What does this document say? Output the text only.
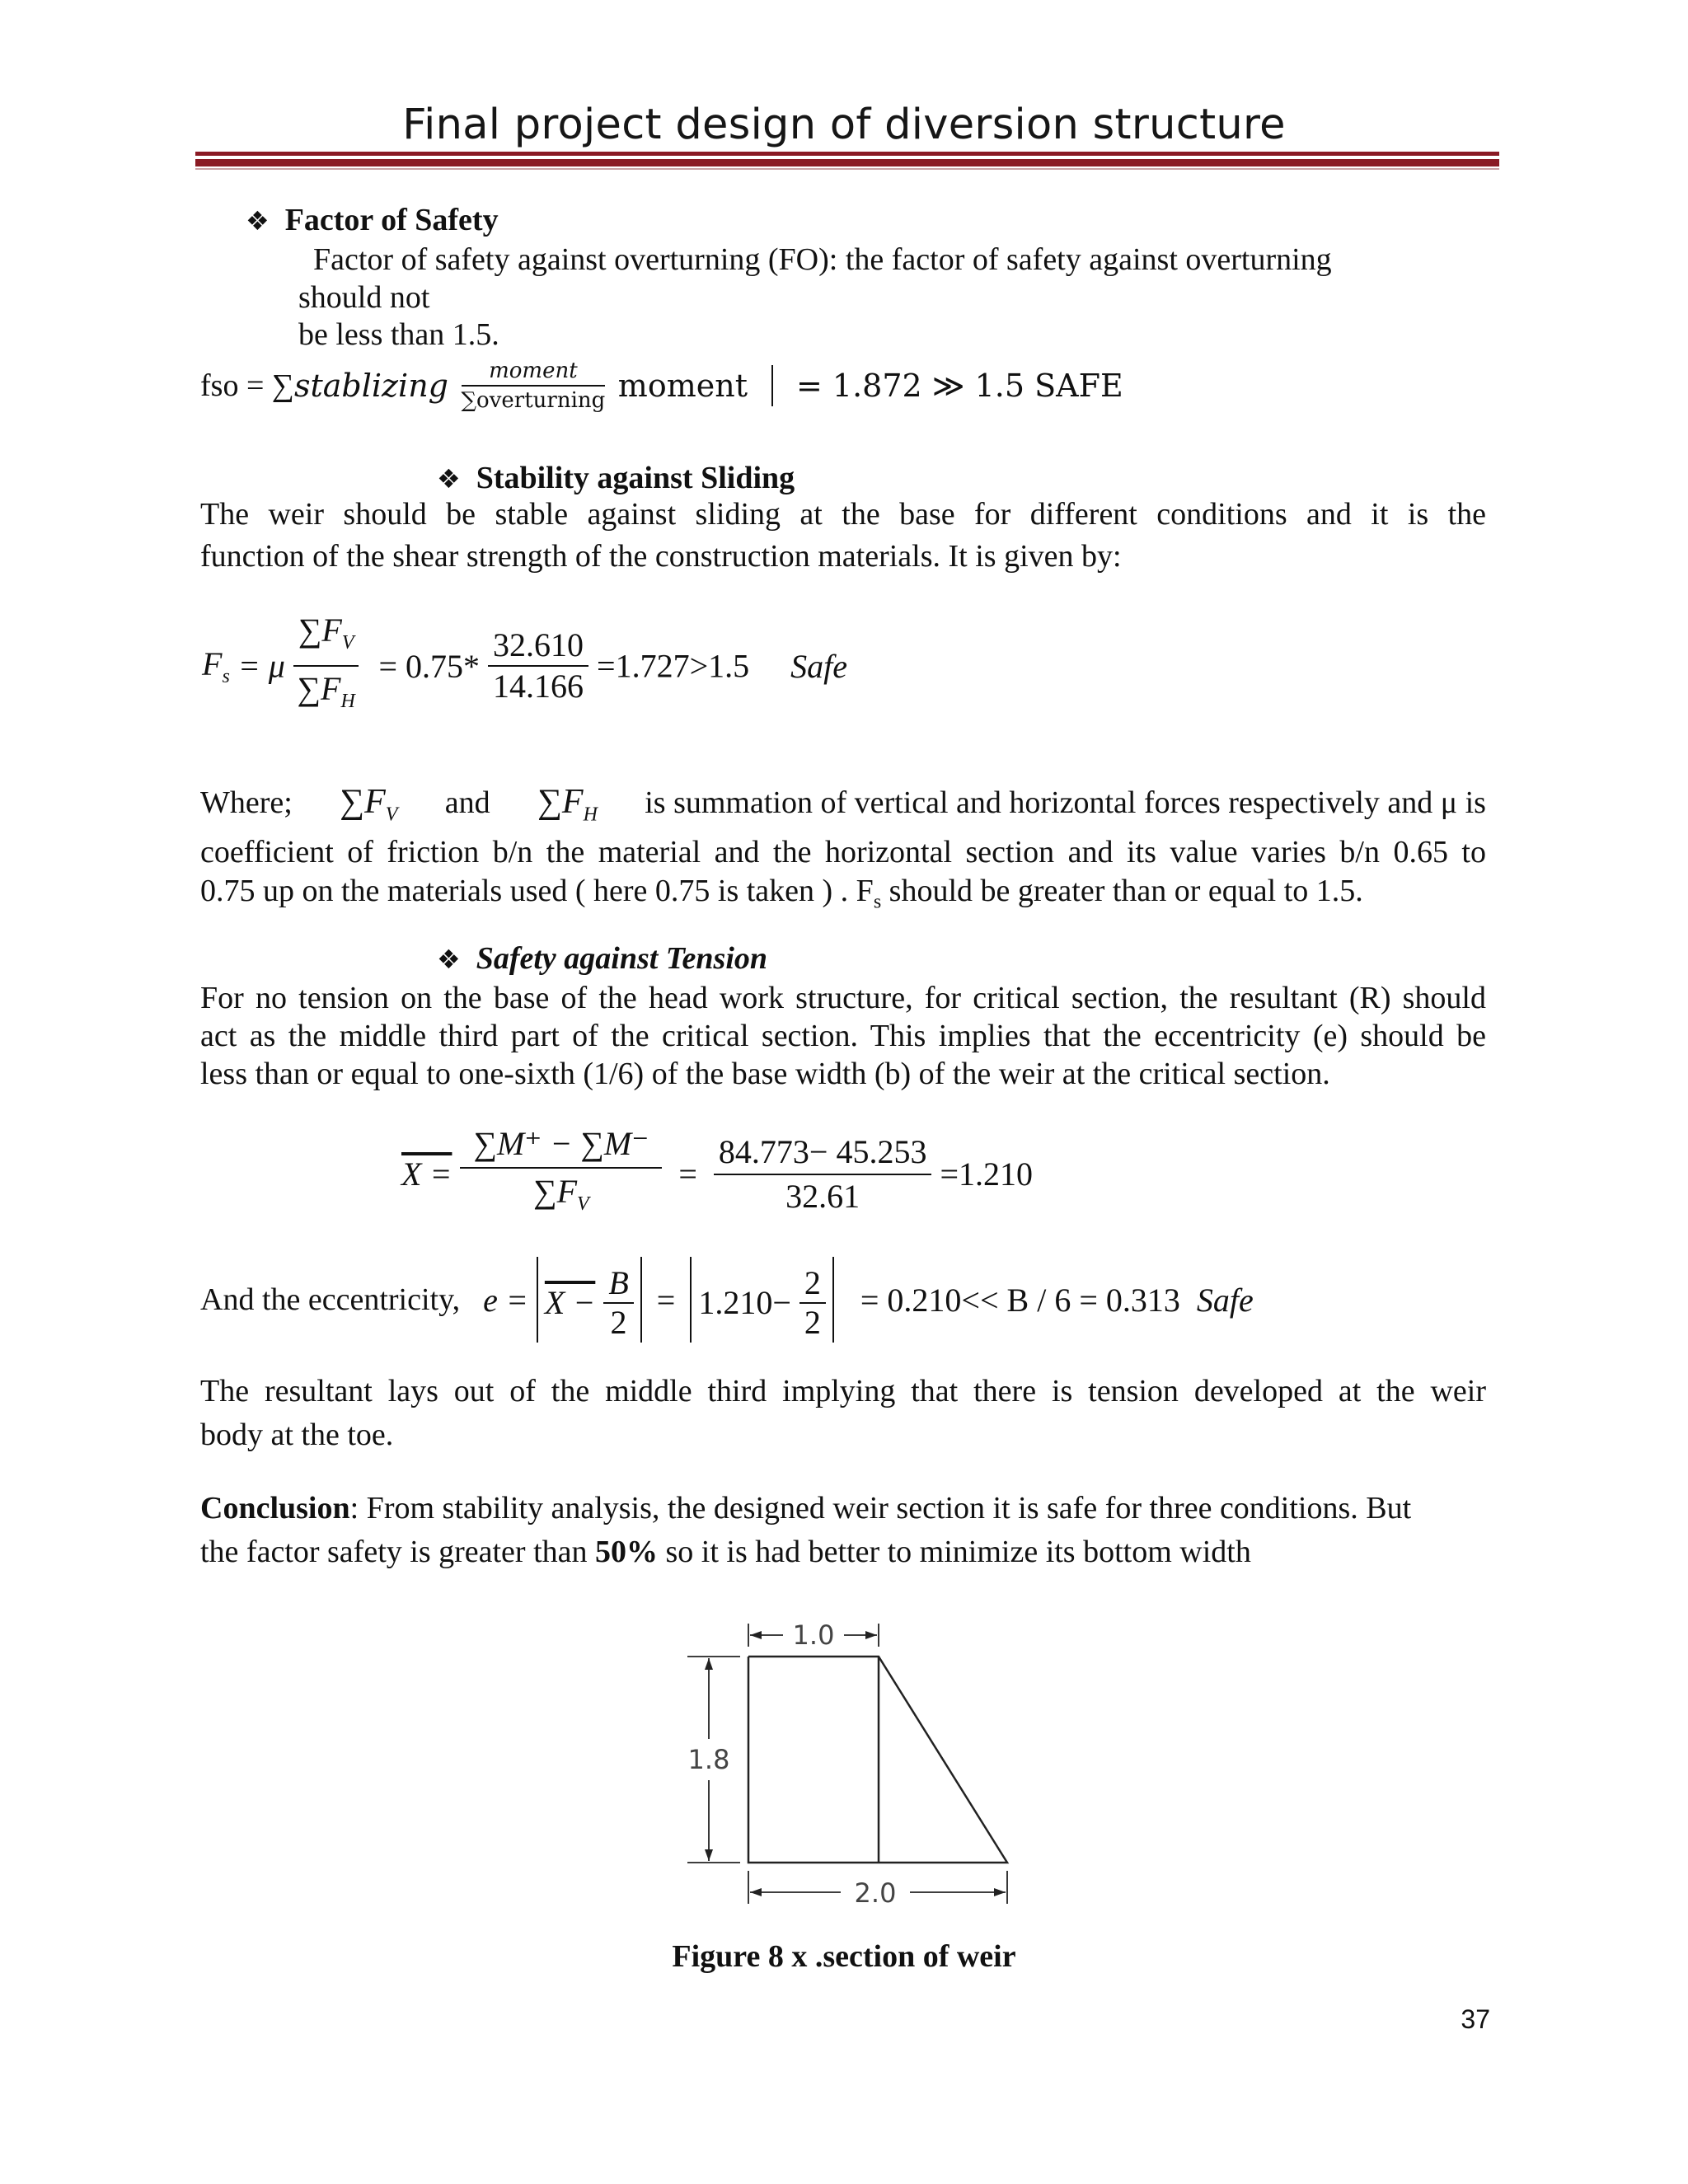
Final project design of diversion structure
❖ Factor of Safety
Factor of safety against overturning (FO): the factor of safety against overturning
should not
be less than 1.5.
fso = ∑stablizing $\frac{\text{moment}}{\text{∑overturning}}$ moment = 1.872 ≫ 1.5 SAFE
❖ Stability against Sliding
The weir should be stable against sliding at the base for different conditions and it is the
function of the shear strength of the construction materials. It is given by:
$F_s = \mu \frac{\sum F_V}{\sum F_H} = 0.75* \frac{32.610}{14.166} =1.727>1.5$ Safe
Where; $\sum F_V$ and $\sum F_H$ is summation of vertical and horizontal forces respectively and μ is
coefficient of friction b/n the material and the horizontal section and its value varies b/n 0.65 to
0.75 up on the materials used ( here 0.75 is taken ) . $F_s$ should be greater than or equal to 1.5.
❖ Safety against Tension
For no tension on the base of the head work structure, for critical section, the resultant (R) should
act as the middle third part of the critical section. This implies that the eccentricity (e) should be
less than or equal to one-sixth (1/6) of the base width (b) of the weir at the critical section.
$X = \frac{\sum M^+ - \sum M^-}{\sum F_V} = \frac{84.773- 45.253}{32.61} =1.210$
And the eccentricity, $e = X - \frac{B}{2} = 1.210- \frac{2}{2} = 0.210<< B / 6 = 0.313$ Safe
The resultant lays out of the middle third implying that there is tension developed at the weir
body at the toe.
Conclusion: From stability analysis, the designed weir section it is safe for three conditions. But
the factor safety is greater than 50% so it is had better to minimize its bottom width
1.0
1.8
2.0
Figure 8 x .section of weir
37
